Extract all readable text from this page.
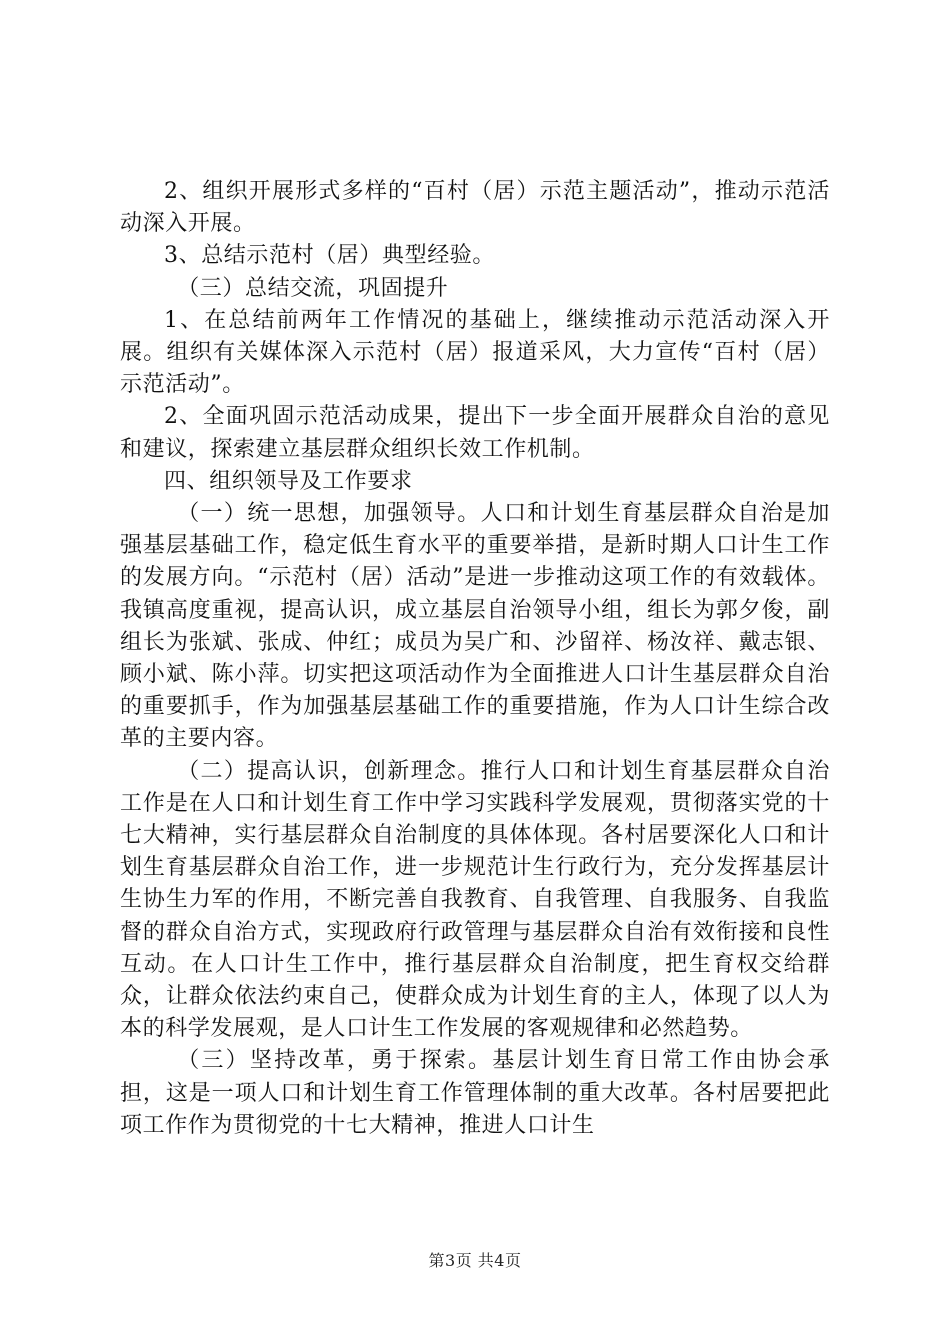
2、组织开展形式多样的“百村（居）示范主题活动”，推动示范活动深入开展。

3、总结示范村（居）典型经验。

（三）总结交流，巩固提升

1、在总结前两年工作情况的基础上，继续推动示范活动深入开展。组织有关媒体深入示范村（居）报道采风，大力宣传“百村（居）示范活动”。

2、全面巩固示范活动成果，提出下一步全面开展群众自治的意见和建议，探索建立基层群众组织长效工作机制。

四、组织领导及工作要求

（一）统一思想，加强领导。人口和计划生育基层群众自治是加强基层基础工作，稳定低生育水平的重要举措，是新时期人口计生工作的发展方向。“示范村（居）活动”是进一步推动这项工作的有效载体。我镇高度重视，提高认识，成立基层自治领导小组，组长为郭夕俊，副组长为张斌、张成、仲红；成员为吴广和、沙留祥、杨汝祥、戴志银、顾小斌、陈小萍。切实把这项活动作为全面推进人口计生基层群众自治的重要抓手，作为加强基层基础工作的重要措施，作为人口计生综合改革的主要内容。

（二）提高认识，创新理念。推行人口和计划生育基层群众自治工作是在人口和计划生育工作中学习实践科学发展观，贯彻落实党的十七大精神，实行基层群众自治制度的具体体现。各村居要深化人口和计划生育基层群众自治工作，进一步规范计生行政行为，充分发挥基层计生协生力军的作用，不断完善自我教育、自我管理、自我服务、自我监督的群众自治方式，实现政府行政管理与基层群众自治有效衔接和良性互动。在人口计生工作中，推行基层群众自治制度，把生育权交给群众，让群众依法约束自己，使群众成为计划生育的主人，体现了以人为本的科学发展观，是人口计生工作发展的客观规律和必然趋势。

（三）坚持改革，勇于探索。基层计划生育日常工作由协会承担，这是一项人口和计划生育工作管理体制的重大改革。各村居要把此项工作作为贯彻党的十七大精神，推进人口计生

第3页 共4页
